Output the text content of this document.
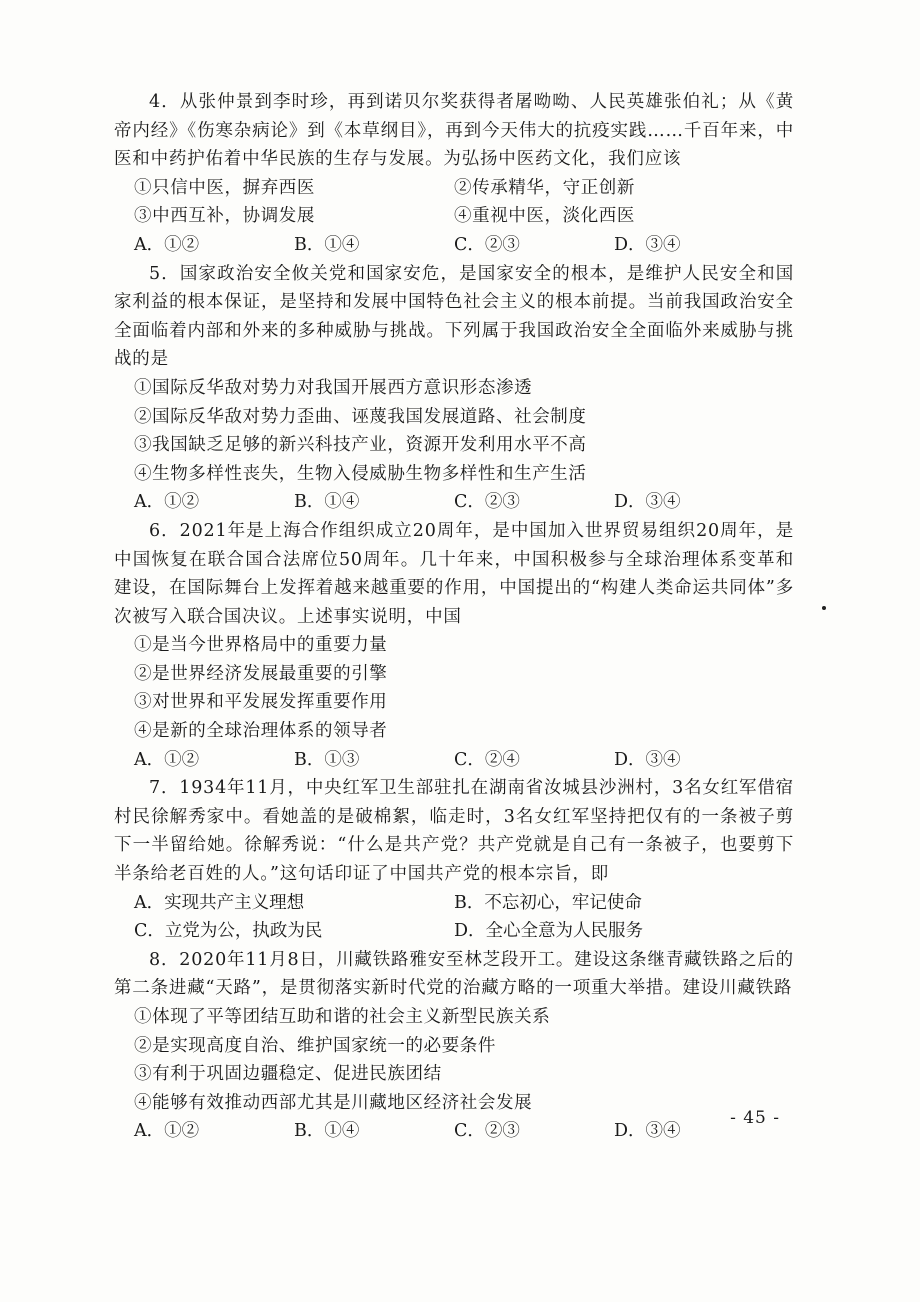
4．从张仲景到李时珍，再到诺贝尔奖获得者屠呦呦、人民英雄张伯礼；从《黄帝内经》《伤寒杂病论》到《本草纲目》，再到今天伟大的抗疫实践……千百年来，中医和中药护佑着中华民族的生存与发展。为弘扬中医药文化，我们应该

①只信中医，摒弃西医	②传承精华，守正创新
③中西互补，协调发展	④重视中医，淡化西医
A．①②	B．①④	C．②③	D．③④

5．国家政治安全攸关党和国家安危，是国家安全的根本，是维护人民安全和国家利益的根本保证，是坚持和发展中国特色社会主义的根本前提。当前我国政治安全全面临着内部和外来的多种威胁与挑战。下列属于我国政治安全全面临外来威胁与挑战的是

①国际反华敌对势力对我国开展西方意识形态渗透

②国际反华敌对势力歪曲、诬蔑我国发展道路、社会制度

③我国缺乏足够的新兴科技产业，资源开发利用水平不高

④生物多样性丧失，生物入侵威胁生物多样性和生产生活

A．①②	B．①④	C．②③	D．③④

6．2021年是上海合作组织成立20周年，是中国加入世界贸易组织20周年，是中国恢复在联合国合法席位50周年。几十年来，中国积极参与全球治理体系变革和建设，在国际舞台上发挥着越来越重要的作用，中国提出的“构建人类命运共同体”多次被写入联合国决议。上述事实说明，中国

①是当今世界格局中的重要力量

②是世界经济发展最重要的引擎

③对世界和平发展发挥重要作用

④是新的全球治理体系的领导者

A．①②	B．①③	C．②④	D．③④

7．1934年11月，中央红军卫生部驻扎在湖南省汝城县沙洲村，3名女红军借宿村民徐解秀家中。看她盖的是破棉絮，临走时，3名女红军坚持把仅有的一条被子剪下一半留给她。徐解秀说：“什么是共产党？共产党就是自己有一条被子，也要剪下半条给老百姓的人。”这句话印证了中国共产党的根本宗旨，即

A．实现共产主义理想	B．不忘初心，牢记使命
C．立党为公，执政为民	D．全心全意为人民服务

8．2020年11月8日，川藏铁路雅安至林芝段开工。建设这条继青藏铁路之后的第二条进藏“天路”，是贯彻落实新时代党的治藏方略的一项重大举措。建设川藏铁路

①体现了平等团结互助和谐的社会主义新型民族关系

②是实现高度自治、维护国家统一的必要条件

③有利于巩固边疆稳定、促进民族团结

④能够有效推动西部尤其是川藏地区经济社会发展

A．①②	B．①④	C．②③	D．③④
- 45 -
